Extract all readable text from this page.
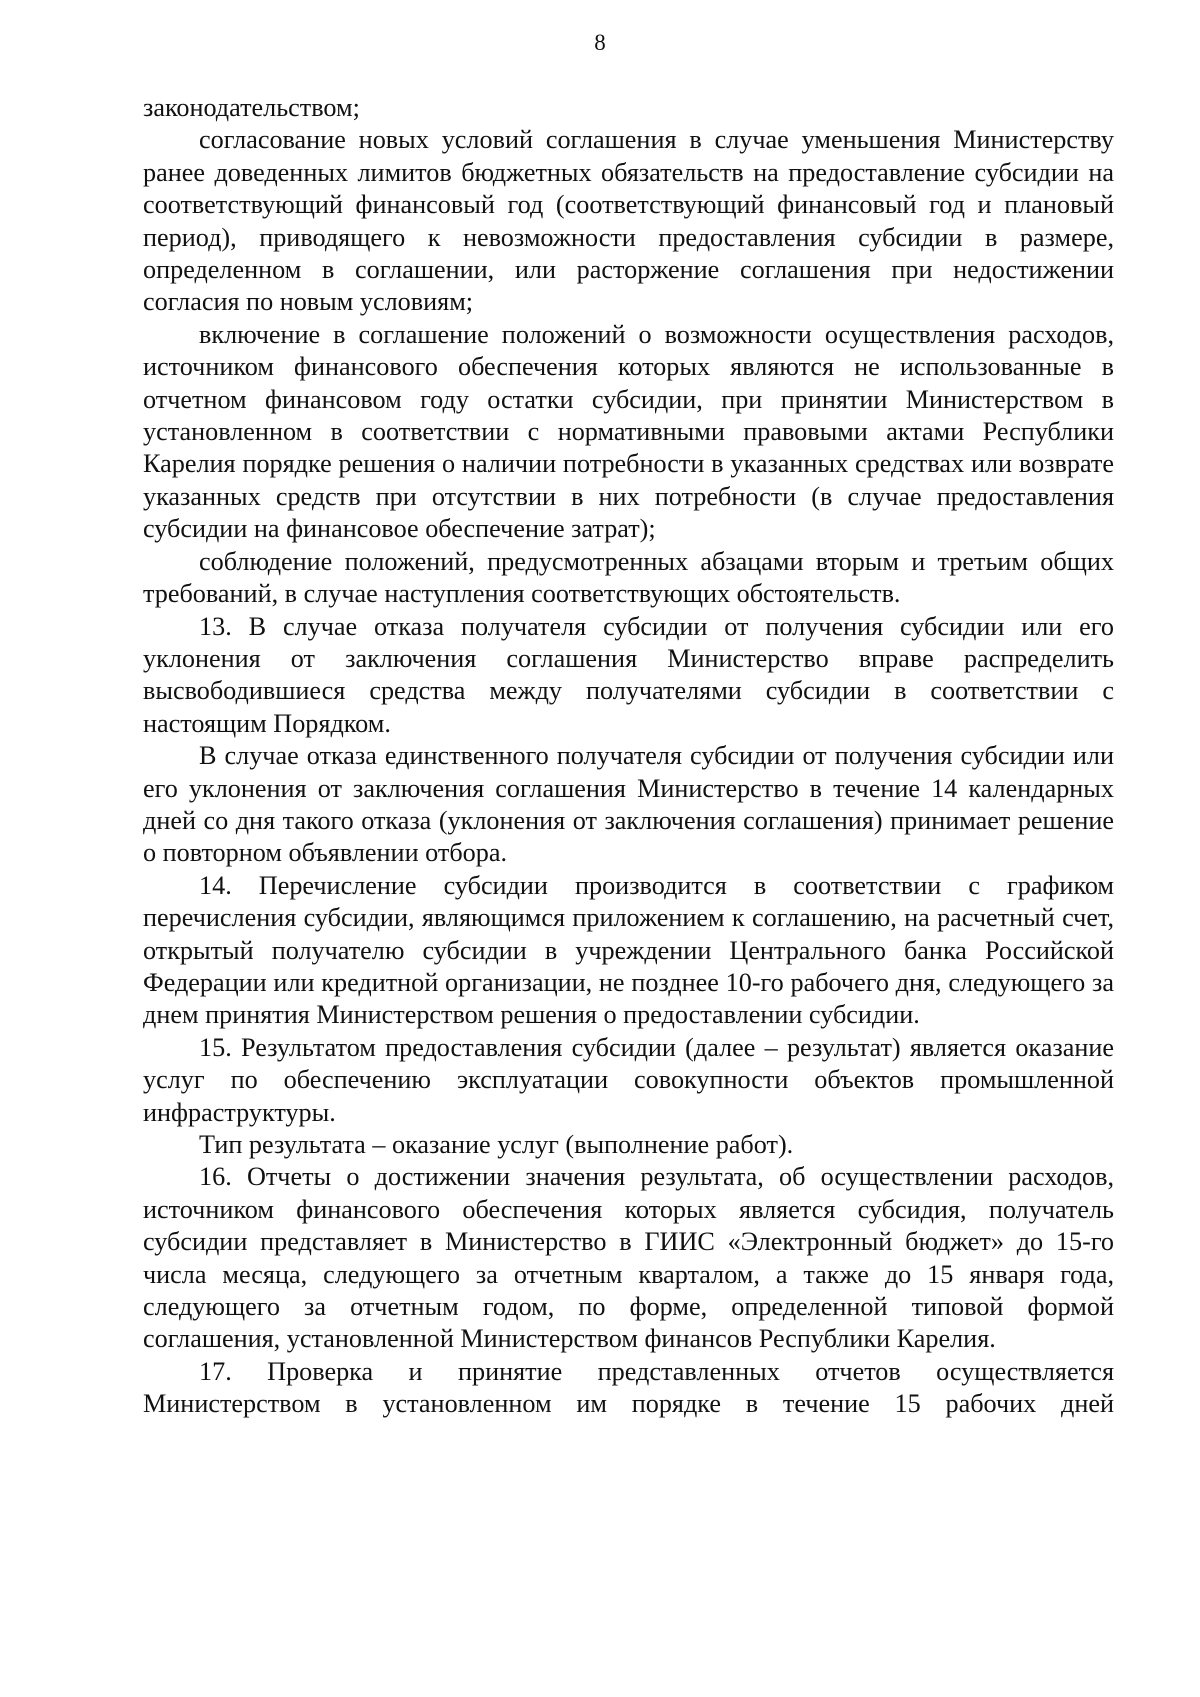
8

законодательством;

согласование новых условий соглашения в случае уменьшения Министерству ранее доведенных лимитов бюджетных обязательств на предоставление субсидии на соответствующий финансовый год (соответствующий финансовый год и плановый период), приводящего к невозможности предоставления субсидии в размере, определенном в соглашении, или расторжение соглашения при недостижении согласия по новым условиям;

включение в соглашение положений о возможности осуществления расходов, источником финансового обеспечения которых являются не использованные в отчетном финансовом году остатки субсидии, при принятии Министерством в установленном в соответствии с нормативными правовыми актами Республики Карелия порядке решения о наличии потребности в указанных средствах или возврате указанных средств при отсутствии в них потребности (в случае предоставления субсидии на финансовое обеспечение затрат);

соблюдение положений, предусмотренных абзацами вторым и третьим общих требований, в случае наступления соответствующих обстоятельств.

13. В случае отказа получателя субсидии от получения субсидии или его уклонения от заключения соглашения Министерство вправе распределить высвободившиеся средства между получателями субсидии в соответствии с настоящим Порядком.

В случае отказа единственного получателя субсидии от получения субсидии или его уклонения от заключения соглашения Министерство в течение 14 календарных дней со дня такого отказа (уклонения от заключения соглашения) принимает решение о повторном объявлении отбора.

14. Перечисление субсидии производится в соответствии с графиком перечисления субсидии, являющимся приложением к соглашению, на расчетный счет, открытый получателю субсидии в учреждении Центрального банка Российской Федерации или кредитной организации, не позднее 10-го рабочего дня, следующего за днем принятия Министерством решения о предоставлении субсидии.

15. Результатом предоставления субсидии (далее – результат) является оказание услуг по обеспечению эксплуатации совокупности объектов промышленной инфраструктуры.

Тип результата – оказание услуг (выполнение работ).

16. Отчеты о достижении значения результата, об осуществлении расходов, источником финансового обеспечения которых является субсидия, получатель субсидии представляет в Министерство в ГИИС «Электронный бюджет» до 15-го числа месяца, следующего за отчетным кварталом, а также до 15 января года, следующего за отчетным годом, по форме, определенной типовой формой соглашения, установленной Министерством финансов Республики Карелия.

17. Проверка и принятие представленных отчетов осуществляется Министерством в установленном им порядке в течение 15 рабочих дней
